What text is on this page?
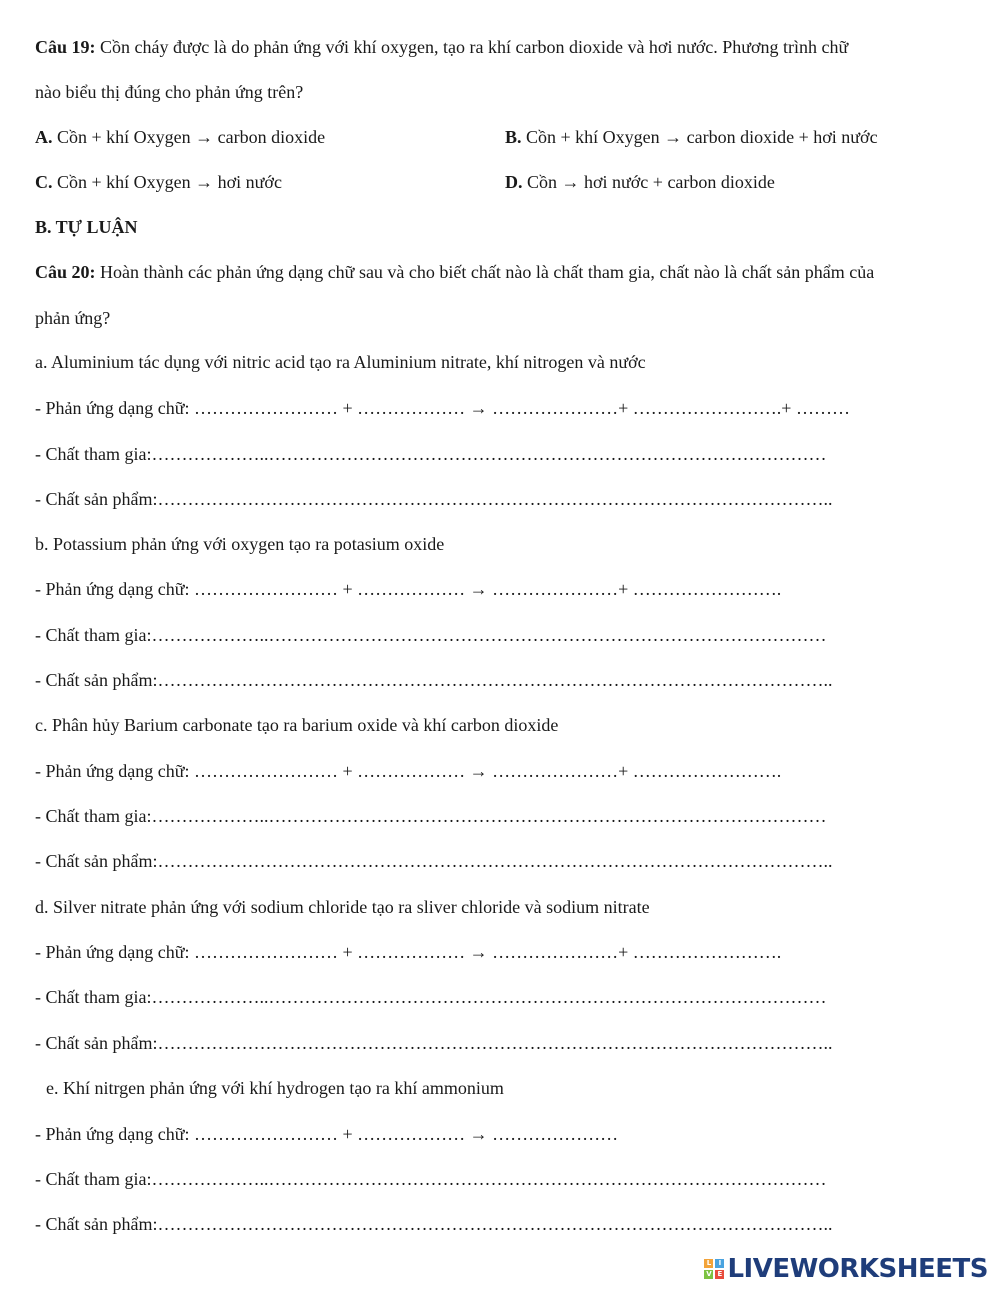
Câu 19: Cồn cháy được là do phản ứng với khí oxygen, tạo ra khí carbon dioxide và hơi nước. Phương trình chữ
nào biểu thị đúng cho phản ứng trên?
A. Cồn + khí Oxygen → carbon dioxide	B. Cồn + khí Oxygen → carbon dioxide + hơi nước
C. Cồn + khí Oxygen → hơi nước	D. Cồn → hơi nước + carbon dioxide
B. TỰ LUẬN
Câu 20: Hoàn thành các phản ứng dạng chữ sau và cho biết chất nào là chất tham gia, chất nào là chất sản phẩm của
phản ứng?
a. Aluminium tác dụng với nitric acid tạo ra Aluminium nitrate, khí nitrogen và nước
- Phản ứng dạng chữ: …………………… + ……………… → …………………+ …………………….+ ………
- Chất tham gia:………………..…………………………………………………………………………………
- Chất sản phẩm:…………………………………………………………………………………………………..
b. Potassium phản ứng với oxygen tạo ra potasium oxide
- Phản ứng dạng chữ: …………………… + ……………… → …………………+ …………………….
- Chất tham gia:………………..…………………………………………………………………………………
- Chất sản phẩm:…………………………………………………………………………………………………..
c. Phân hủy Barium carbonate tạo ra barium oxide và khí carbon dioxide
- Phản ứng dạng chữ: …………………… + ……………… → …………………+ …………………….
- Chất tham gia:………………..…………………………………………………………………………………
- Chất sản phẩm:…………………………………………………………………………………………………..
d. Silver nitrate phản ứng với sodium chloride tạo ra sliver chloride và sodium nitrate
- Phản ứng dạng chữ: …………………… + ……………… → …………………+ …………………….
- Chất tham gia:………………..…………………………………………………………………………………
- Chất sản phẩm:…………………………………………………………………………………………………..
e. Khí nitrgen phản ứng với khí hydrogen tạo ra khí ammonium
- Phản ứng dạng chữ: …………………… + ……………… → …………………
- Chất tham gia:………………..…………………………………………………………………………………
- Chất sản phẩm:…………………………………………………………………………………………………..
L	I
V E LIVEWORKSHEETS
